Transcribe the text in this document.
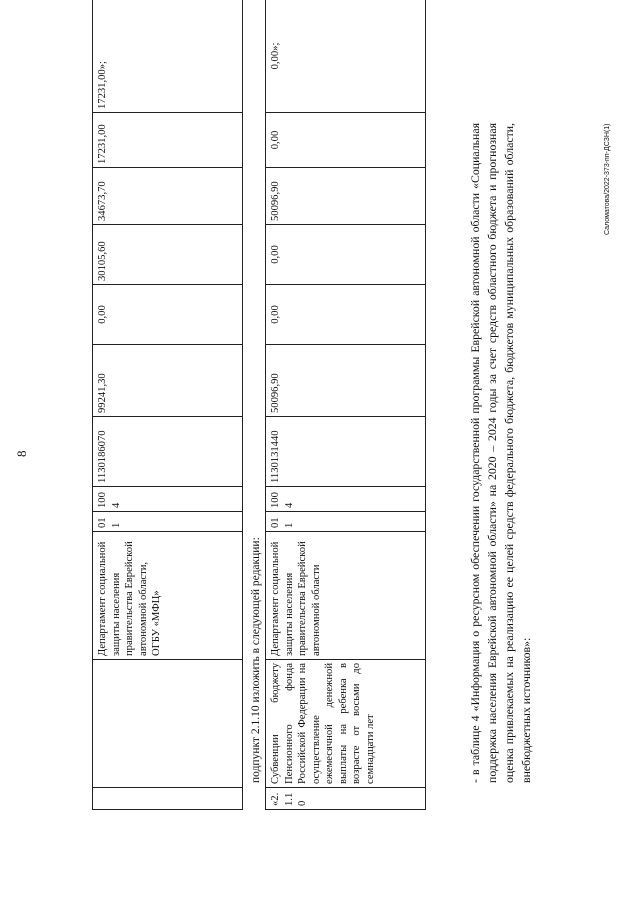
8
		Департамент социальной защиты населения правительства Еврейской автономной области, ОГБУ «МФЦ»	011	1004	1130186070	99241,30	0,00	30105,60	34673,70	17231,00	17231,00»;
подпункт 2.1.10 изложить в следующей редакции:
«2.1.10	Субвенции бюджету Пенсионного фонда Российской Федерации на осуществление ежемесячной денежной выплаты на ребенка в возрасте от восьми до семнадцати лет	Департамент социальной защиты населения правительства Еврейской автономной области	011	1004	1130131440	50096,90	0,00	0,00	50096,90	0,00	0,00»;
- в таблице 4 «Информация о ресурсном обеспечении государственной программы Еврейской автономной области «Социальная поддержка населения Еврейской автономной области» на 2020 – 2024 годы за счет средств областного бюджета и прогнозная оценка привлекаемых на реализацию ее целей средств федерального бюджета, бюджетов муниципальных образований области, внебюджетных источников»:
Саломатова/2022-373-пп-ДСЗН(1)
